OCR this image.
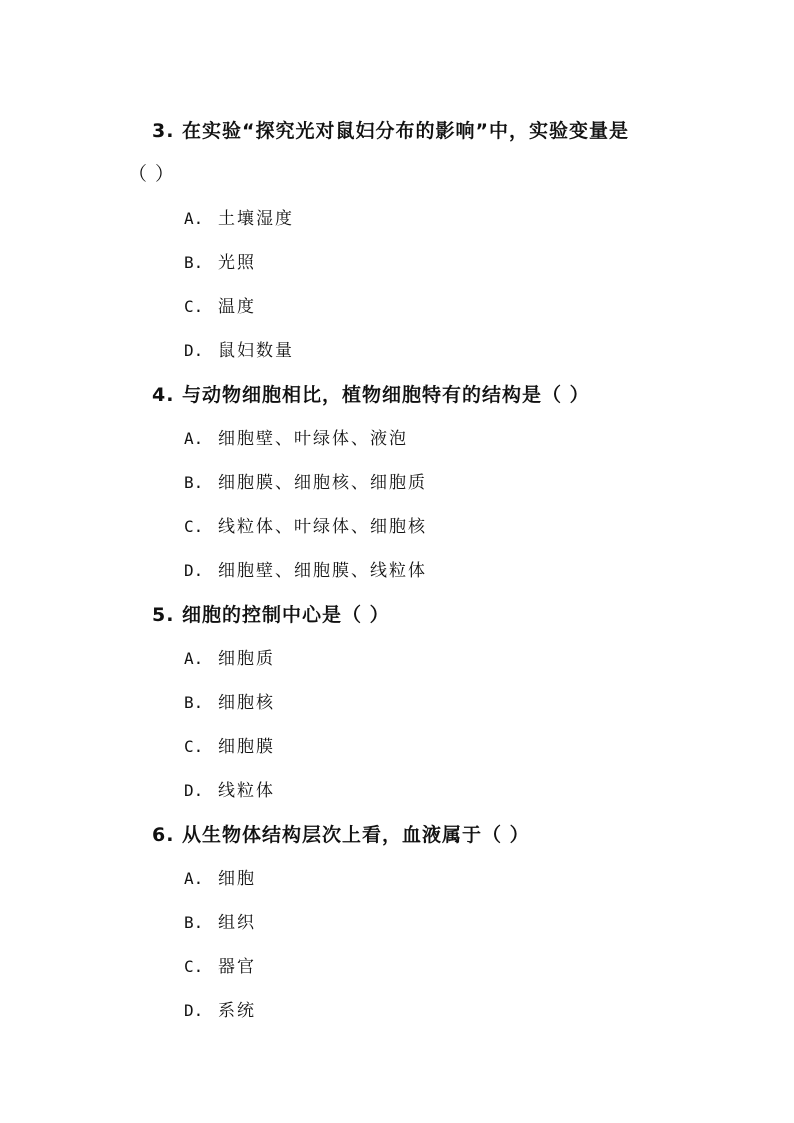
3. 在实验“探究光对鼠妇分布的影响”中，实验变量是
（ ）
A. 土壤湿度
B. 光照
C. 温度
D. 鼠妇数量
4. 与动物细胞相比，植物细胞特有的结构是（ ）
A. 细胞壁、叶绿体、液泡
B. 细胞膜、细胞核、细胞质
C. 线粒体、叶绿体、细胞核
D. 细胞壁、细胞膜、线粒体
5. 细胞的控制中心是（ ）
A. 细胞质
B. 细胞核
C. 细胞膜
D. 线粒体
6. 从生物体结构层次上看，血液属于（ ）
A. 细胞
B. 组织
C. 器官
D. 系统
